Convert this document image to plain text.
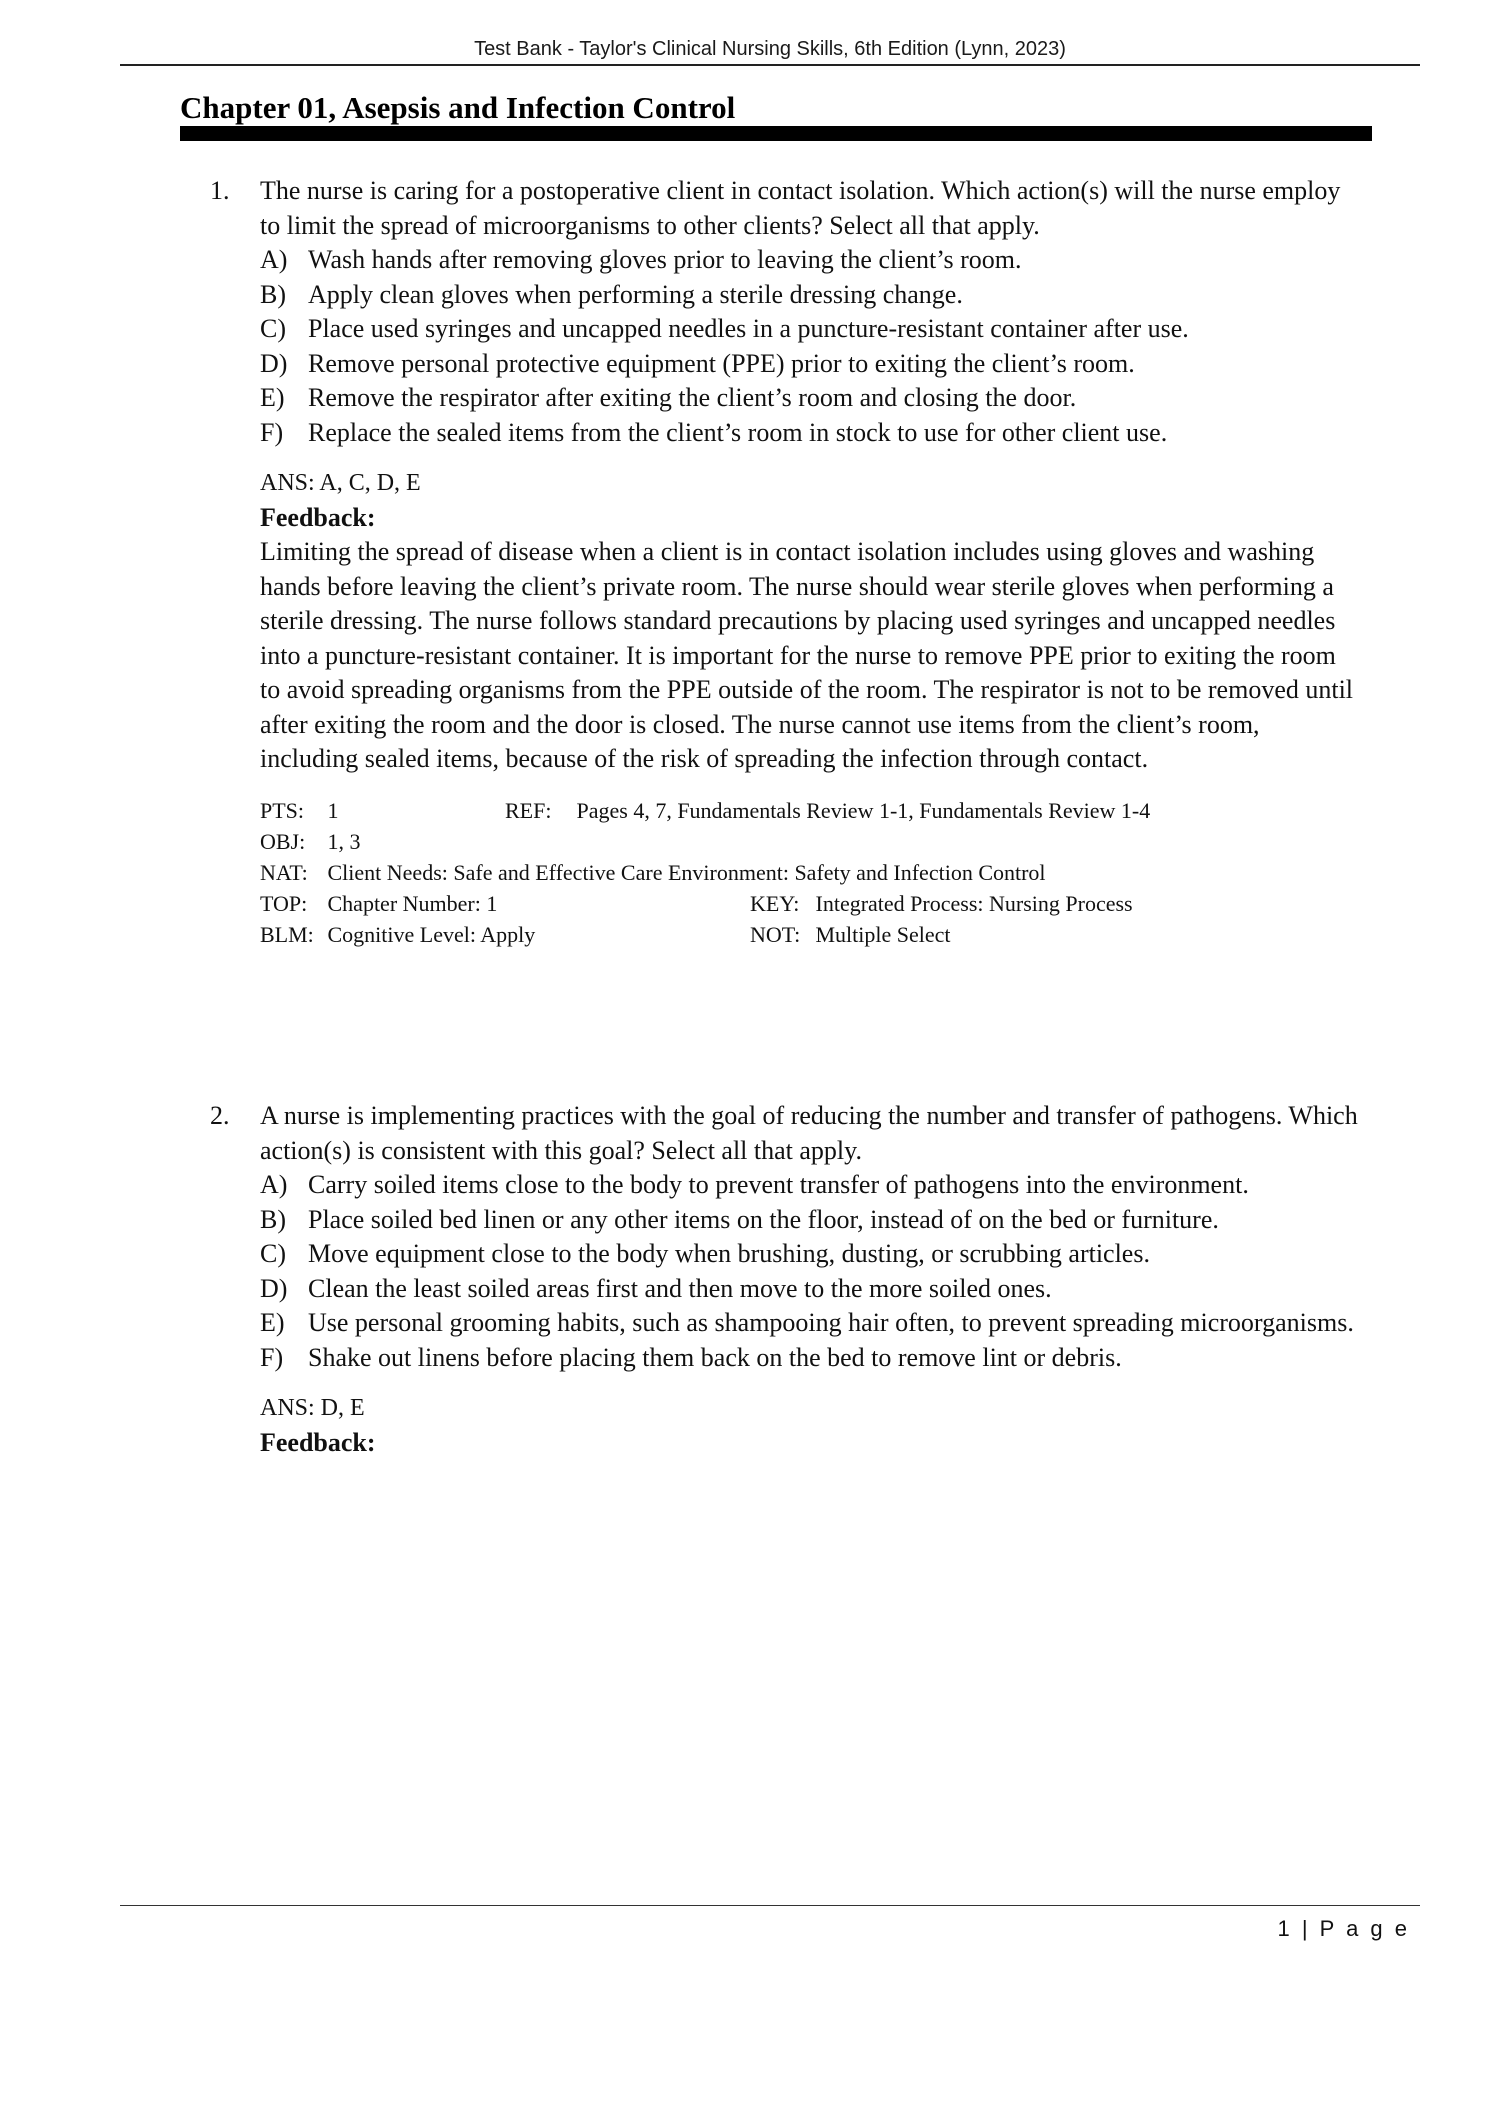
Test Bank - Taylor's Clinical Nursing Skills, 6th Edition (Lynn, 2023)
Chapter 01, Asepsis and Infection Control
1.	The nurse is caring for a postoperative client in contact isolation. Which action(s) will the nurse employ to limit the spread of microorganisms to other clients? Select all that apply.
A) Wash hands after removing gloves prior to leaving the client’s room.
B) Apply clean gloves when performing a sterile dressing change.
C) Place used syringes and uncapped needles in a puncture-resistant container after use.
D) Remove personal protective equipment (PPE) prior to exiting the client’s room.
E) Remove the respirator after exiting the client’s room and closing the door.
F) Replace the sealed items from the client’s room in stock to use for other client use.
ANS: A, C, D, E
Feedback:
Limiting the spread of disease when a client is in contact isolation includes using gloves and washing hands before leaving the client’s private room. The nurse should wear sterile gloves when performing a sterile dressing. The nurse follows standard precautions by placing used syringes and uncapped needles into a puncture-resistant container. It is important for the nurse to remove PPE prior to exiting the room to avoid spreading organisms from the PPE outside of the room. The respirator is not to be removed until after exiting the room and the door is closed. The nurse cannot use items from the client’s room, including sealed items, because of the risk of spreading the infection through contact.
PTS: 1	REF: Pages 4, 7, Fundamentals Review 1-1, Fundamentals Review 1-4
OBJ: 1, 3
NAT: Client Needs: Safe and Effective Care Environment: Safety and Infection Control
TOP: Chapter Number: 1	KEY: Integrated Process: Nursing Process
BLM: Cognitive Level: Apply	NOT: Multiple Select
2.	A nurse is implementing practices with the goal of reducing the number and transfer of pathogens. Which action(s) is consistent with this goal? Select all that apply.
A) Carry soiled items close to the body to prevent transfer of pathogens into the environment.
B) Place soiled bed linen or any other items on the floor, instead of on the bed or furniture.
C) Move equipment close to the body when brushing, dusting, or scrubbing articles.
D) Clean the least soiled areas first and then move to the more soiled ones.
E) Use personal grooming habits, such as shampooing hair often, to prevent spreading microorganisms.
F) Shake out linens before placing them back on the bed to remove lint or debris.
ANS: D, E
Feedback:
1 | P a g e
